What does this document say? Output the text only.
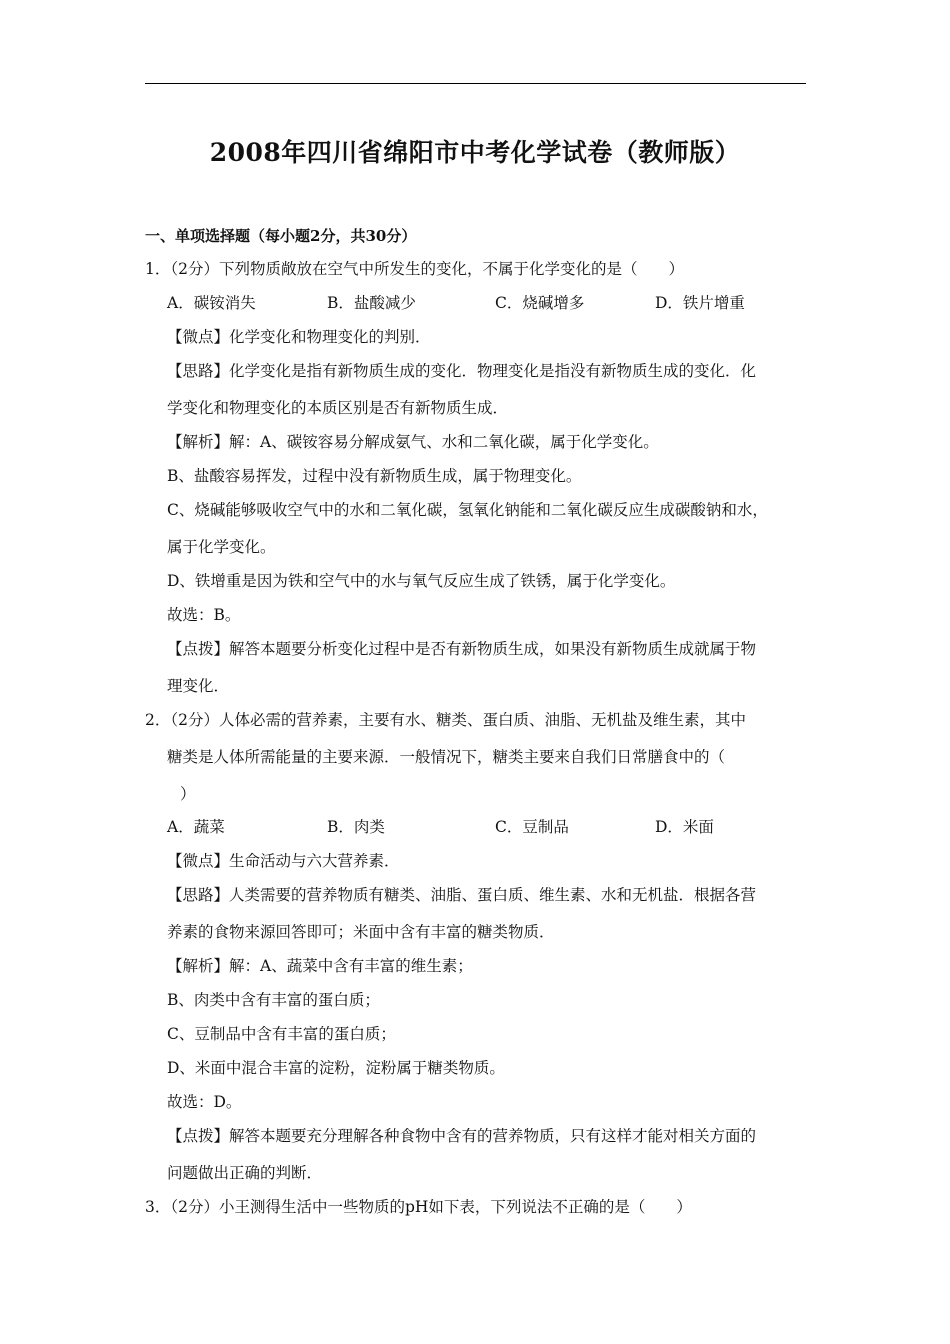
2008年四川省绵阳市中考化学试卷（教师版）
一、单项选择题（每小题2分，共30分）
1．（2分）下列物质敞放在空气中所发生的变化，不属于化学变化的是（　　）
A．碳铵消失	B．盐酸减少	C．烧碱增多	D．铁片增重
【微点】化学变化和物理变化的判别．
【思路】化学变化是指有新物质生成的变化．物理变化是指没有新物质生成的变化．化
学变化和物理变化的本质区别是否有新物质生成．
【解析】解：A、碳铵容易分解成氨气、水和二氧化碳，属于化学变化。
B、盐酸容易挥发，过程中没有新物质生成，属于物理变化。
C、烧碱能够吸收空气中的水和二氧化碳，氢氧化钠能和二氧化碳反应生成碳酸钠和水，
属于化学变化。
D、铁增重是因为铁和空气中的水与氧气反应生成了铁锈，属于化学变化。
故选：B。
【点拨】解答本题要分析变化过程中是否有新物质生成，如果没有新物质生成就属于物
理变化．
2．（2分）人体必需的营养素，主要有水、糖类、蛋白质、油脂、无机盐及维生素，其中
糖类是人体所需能量的主要来源．一般情况下，糖类主要来自我们日常膳食中的（
）
A．蔬菜	B．肉类	C．豆制品	D．米面
【微点】生命活动与六大营养素．
【思路】人类需要的营养物质有糖类、油脂、蛋白质、维生素、水和无机盐．根据各营
养素的食物来源回答即可；米面中含有丰富的糖类物质．
【解析】解：A、蔬菜中含有丰富的维生素；
B、肉类中含有丰富的蛋白质；
C、豆制品中含有丰富的蛋白质；
D、米面中混合丰富的淀粉，淀粉属于糖类物质。
故选：D。
【点拨】解答本题要充分理解各种食物中含有的营养物质，只有这样才能对相关方面的
问题做出正确的判断．
3．（2分）小王测得生活中一些物质的pH如下表，下列说法不正确的是（　　）
